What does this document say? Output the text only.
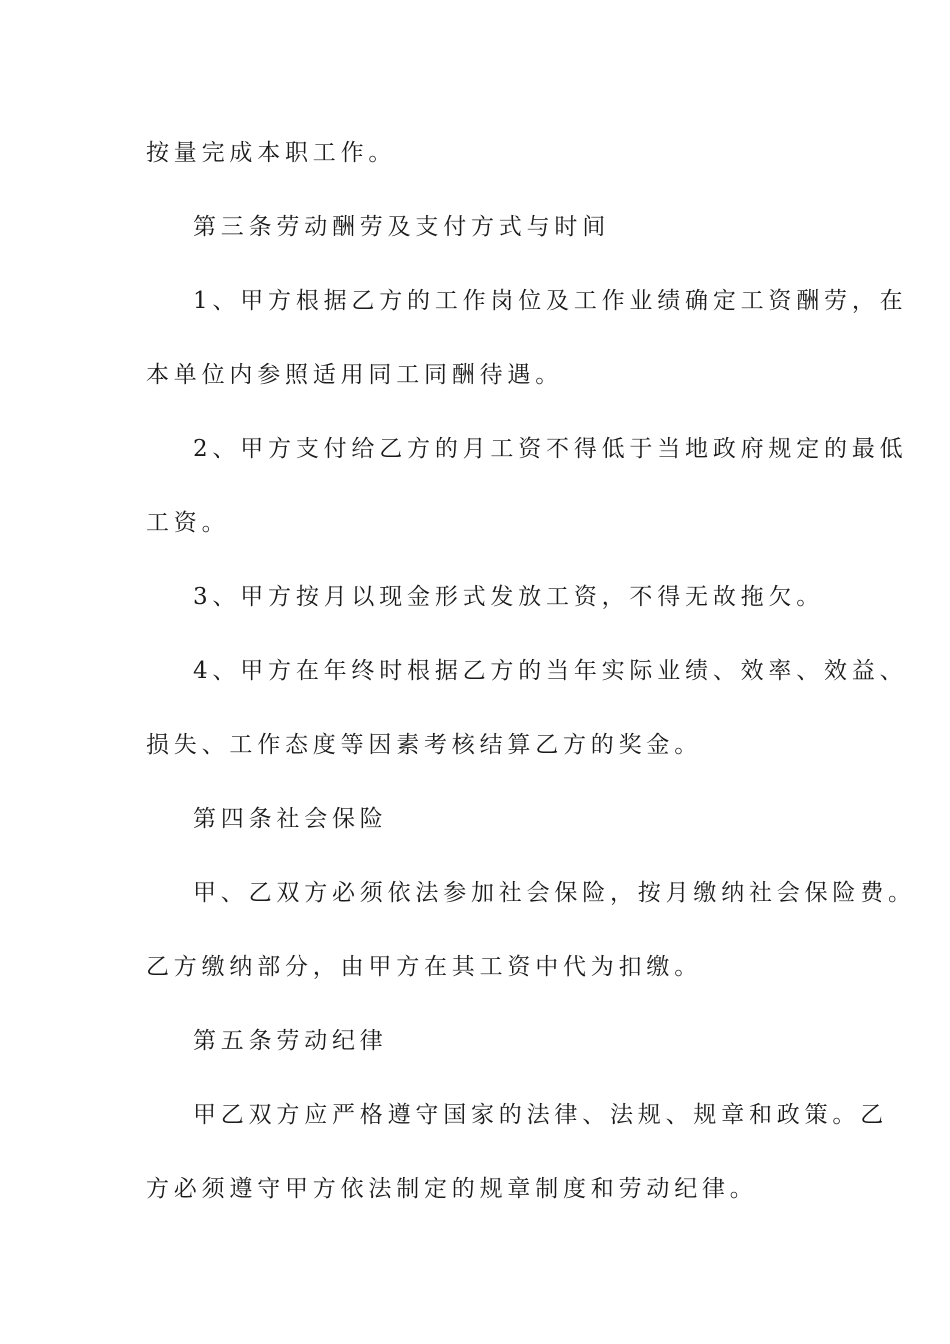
按量完成本职工作。
第三条劳动酬劳及支付方式与时间
1、甲方根据乙方的工作岗位及工作业绩确定工资酬劳，在
本单位内参照适用同工同酬待遇。
2、甲方支付给乙方的月工资不得低于当地政府规定的最低
工资。
3、甲方按月以现金形式发放工资，不得无故拖欠。
4、甲方在年终时根据乙方的当年实际业绩、效率、效益、
损失、工作态度等因素考核结算乙方的奖金。
第四条社会保险
甲、乙双方必须依法参加社会保险，按月缴纳社会保险费。
乙方缴纳部分，由甲方在其工资中代为扣缴。
第五条劳动纪律
甲乙双方应严格遵守国家的法律、法规、规章和政策。乙
方必须遵守甲方依法制定的规章制度和劳动纪律。
